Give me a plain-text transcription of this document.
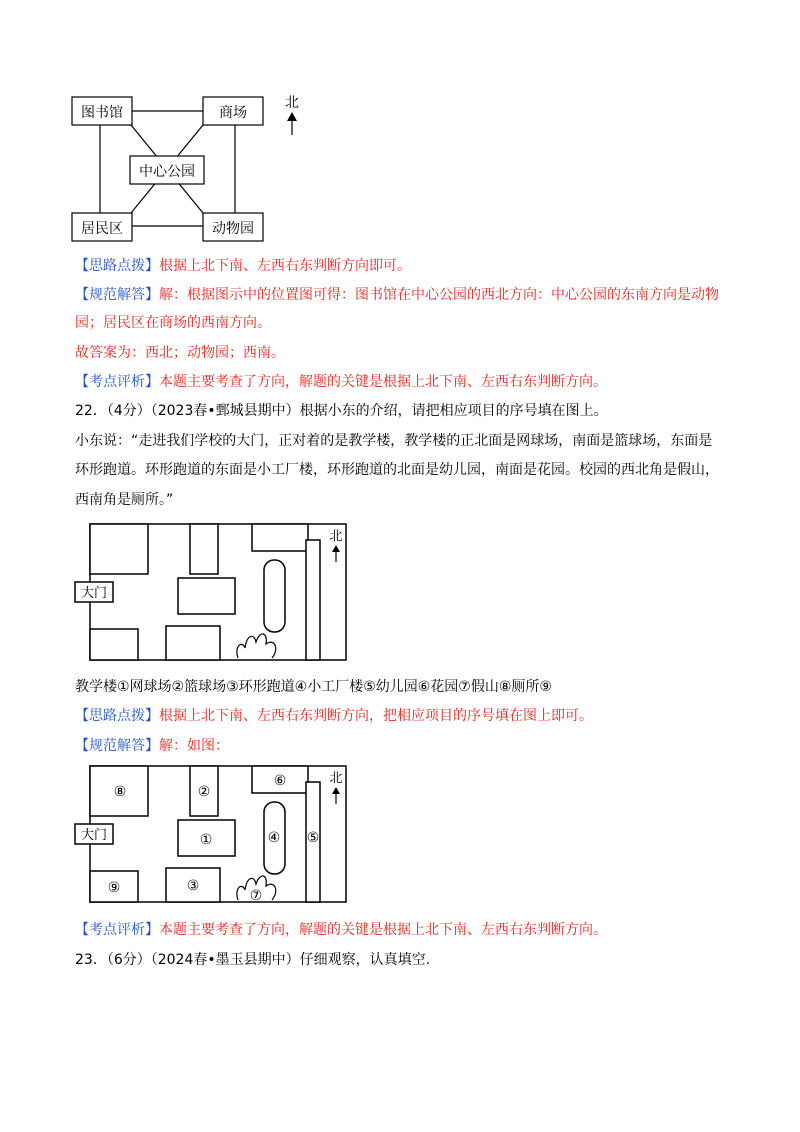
图书馆	商场
中心公园
居民区	动物园
北
【思路点拨】根据上北下南、左西右东判断方向即可。
【规范解答】解：根据图示中的位置图可得：图书馆在中心公园的西北方向：中心公园的东南方向是动物
园；居民区在商场的西南方向。
故答案为：西北；动物园；西南。
【考点评析】本题主要考查了方向，解题的关键是根据上北下南、左西右东判断方向。
22．（4分）（2023春•鄄城县期中）根据小东的介绍，请把相应项目的序号填在图上。
小东说：“走进我们学校的大门，正对着的是教学楼，教学楼的正北面是网球场，南面是篮球场，东面是
环形跑道。环形跑道的东面是小工厂楼，环形跑道的北面是幼儿园，南面是花园。校园的西北角是假山，
西南角是厕所。”
大门
北
教学楼①网球场②篮球场③环形跑道④小工厂楼⑤幼儿园⑥花园⑦假山⑧厕所⑨
【思路点拨】根据上北下南、左西右东判断方向，把相应项目的序号填在图上即可。
【规范解答】解：如图：
大门
北
⑧	②
⑥
①	④ ⑤
⑨	③
⑦
【考点评析】本题主要考查了方向，解题的关键是根据上北下南、左西右东判断方向。
23．（6分）（2024春•墨玉县期中）仔细观察，认真填空.
